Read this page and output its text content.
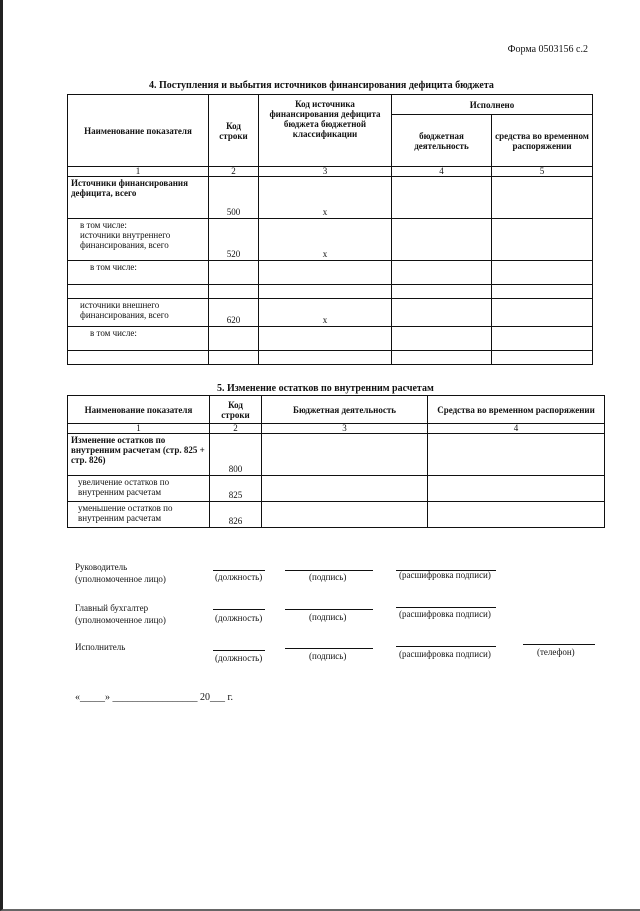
Форма 0503156 с.2
4. Поступления и выбытия источников финансирования дефицита бюджета
Наименование показателя	Код строки	Код источника финансирования дефицита бюджета бюджетной классификации	Исполнено	
			бюджетная деятельность	средства во временном распоряжении
1	2	3	4	5
Источники финансирования дефицита, всего	500	x		
в том числе:
источники внутреннего финансирования, всего	520	x		
в том числе:				

источники внешнего финансирования, всего	620	x		
в том числе:				

5. Изменение остатков по внутренним расчетам
Наименование показателя	Код строки	Бюджетная деятельность	Средства во временном распоряжении
1	2	3	4
Изменение остатков по внутренним расчетам (стр. 825 + стр. 826)	800		
увеличение остатков по внутренним расчетам	825		
уменьшение остатков по внутренним расчетам	826		
Руководитель
(уполномоченное лицо)	(должность)	(подпись)	(расшифровка подписи)
Главный бухгалтер
(уполномоченное лицо)	(должность)	(подпись)	(расшифровка подписи)
Исполнитель
(должность)	(подпись)	(расшифровка подписи)	(телефон)
«_____» _________________ 20___ г.
